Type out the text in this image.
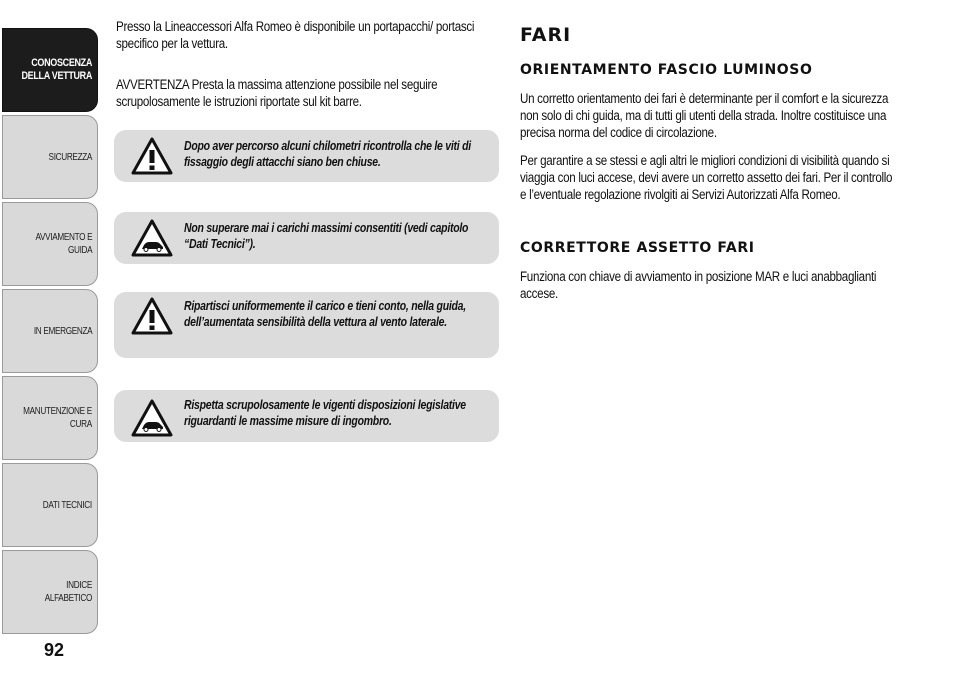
CONOSCENZA
DELLA VETTURA
SICUREZZA
AVVIAMENTO E
GUIDA
IN EMERGENZA
MANUTENZIONE E
CURA
DATI TECNICI
INDICE ALFABETICO
92

Presso la Lineaccessori Alfa Romeo è disponibile un portapacchi/ portasci specifico per la vettura.

AVVERTENZA Presta la massima attenzione possibile nel seguire scrupolosamente le istruzioni riportate sul kit barre.

Dopo aver percorso alcuni chilometri ricontrolla che le viti di fissaggio degli attacchi siano ben chiuse.
Non superare mai i carichi massimi consentiti (vedi capitolo “Dati Tecnici”).
Ripartisci uniformemente il carico e tieni conto, nella guida, dell’aumentata sensibilità della vettura al vento laterale.
Rispetta scrupolosamente le vigenti disposizioni legislative riguardanti le massime misure di ingombro.
FARI
ORIENTAMENTO FASCIO LUMINOSO

Un corretto orientamento dei fari è determinante per il comfort e la sicurezza non solo di chi guida, ma di tutti gli utenti della strada. Inoltre costituisce una precisa norma del codice di circolazione.

Per garantire a se stessi e agli altri le migliori condizioni di visibilità quando si viaggia con luci accese, devi avere un corretto assetto dei fari. Per il controllo e l’eventuale regolazione rivolgiti ai Servizi Autorizzati Alfa Romeo.

CORRETTORE ASSETTO FARI

Funziona con chiave di avviamento in posizione MAR e luci anabbaglianti accese.
